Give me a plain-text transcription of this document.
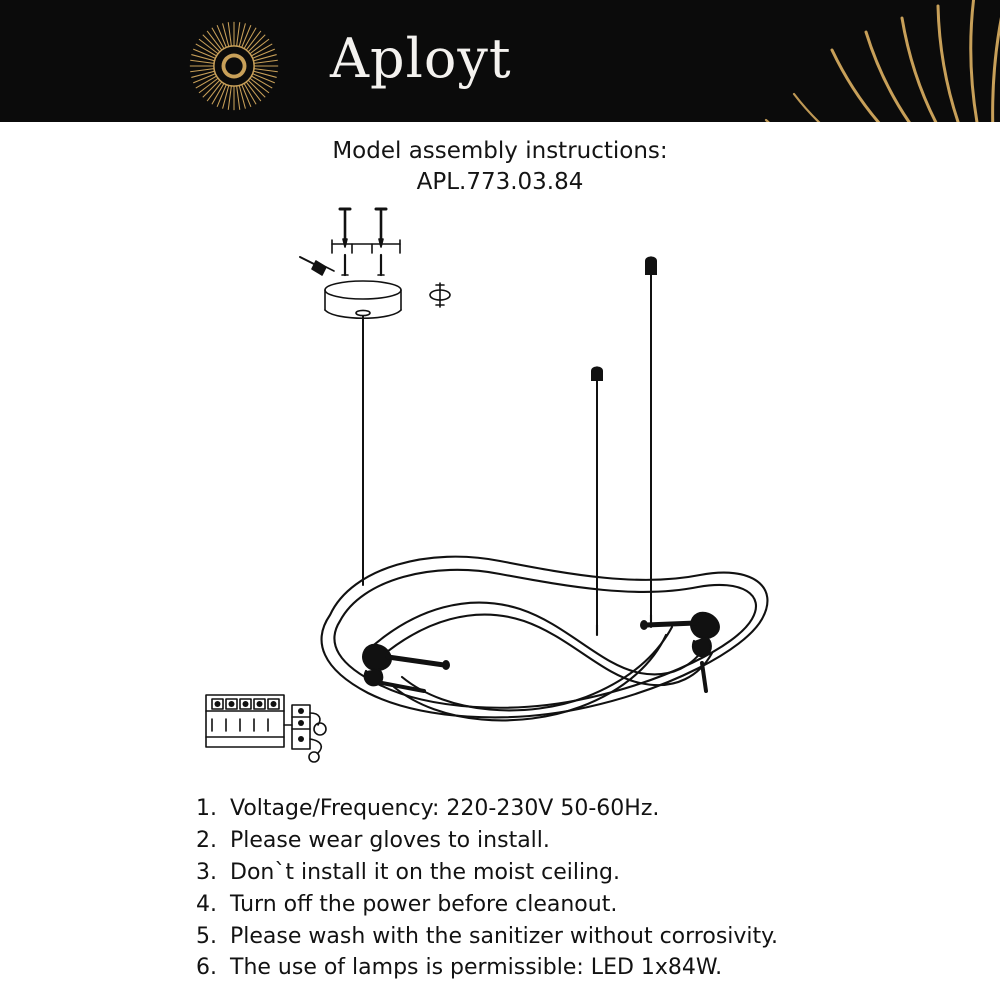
Aployt
Model assembly instructions:
APL.773.03.84
1. Voltage/Frequency: 220-230V 50-60Hz.
2. Please wear gloves to install.
3. Don`t install it on the moist ceiling.
4. Turn off the power before cleanout.
5. Please wash with the sanitizer without corrosivity.
6. The use of lamps is permissible: LED 1x84W.
